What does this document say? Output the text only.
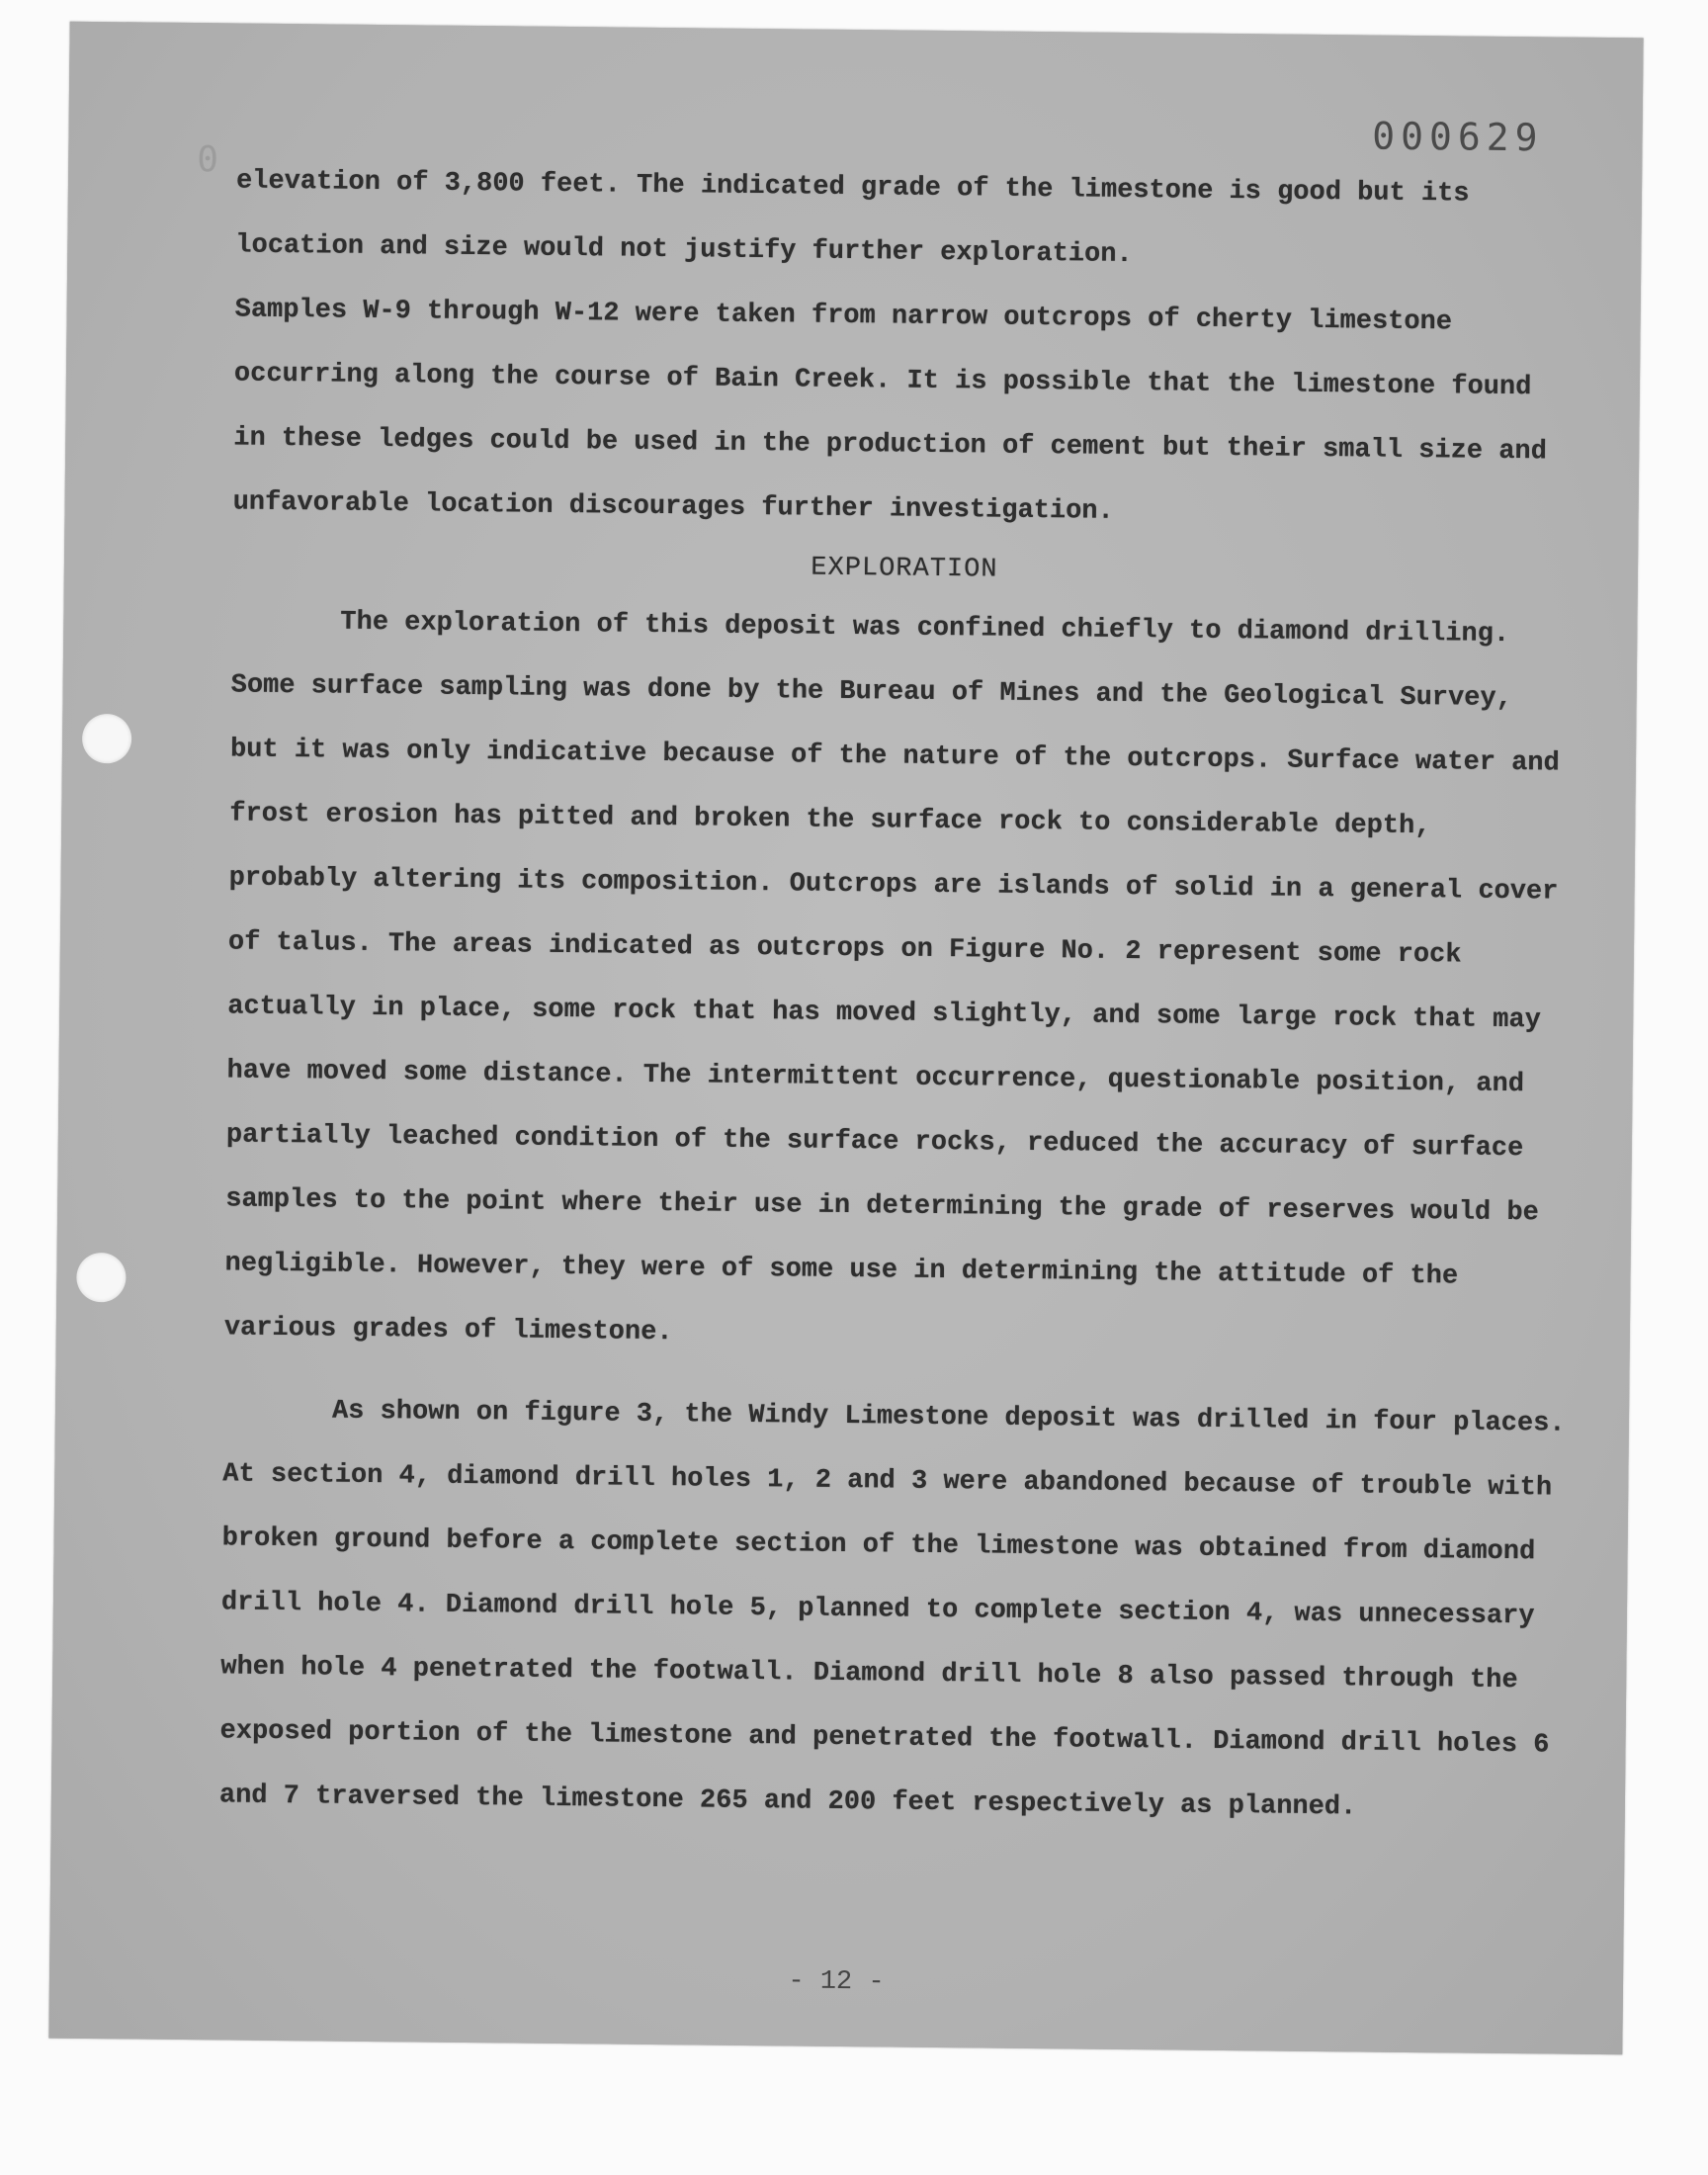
000629
0

elevation of 3,800 feet. The indicated grade of the limestone is good but its location and size would not justify further exploration.

Samples W-9 through W-12 were taken from narrow outcrops of cherty limestone occurring along the course of Bain Creek. It is possible that the limestone found in these ledges could be used in the production of cement but their small size and unfavorable location discourages further investigation.

EXPLORATION

The exploration of this deposit was confined chiefly to diamond drilling. Some surface sampling was done by the Bureau of Mines and the Geological Survey, but it was only indicative because of the nature of the outcrops. Surface water and frost erosion has pitted and broken the surface rock to considerable depth, probably altering its composition. Outcrops are islands of solid in a general cover of talus. The areas indicated as outcrops on Figure No. 2 represent some rock actually in place, some rock that has moved slightly, and some large rock that may have moved some distance. The intermittent occurrence, questionable position, and partially leached condition of the surface rocks, reduced the accuracy of surface samples to the point where their use in determining the grade of reserves would be negligible. However, they were of some use in determining the attitude of the various grades of limestone.

As shown on figure 3, the Windy Limestone deposit was drilled in four places. At section 4, diamond drill holes 1, 2 and 3 were abandoned because of trouble with broken ground before a complete section of the limestone was obtained from diamond drill hole 4. Diamond drill hole 5, planned to complete section 4, was unnecessary when hole 4 penetrated the footwall. Diamond drill hole 8 also passed through the exposed portion of the limestone and penetrated the footwall. Diamond drill holes 6 and 7 traversed the limestone 265 and 200 feet respectively as planned.

- 12 -
